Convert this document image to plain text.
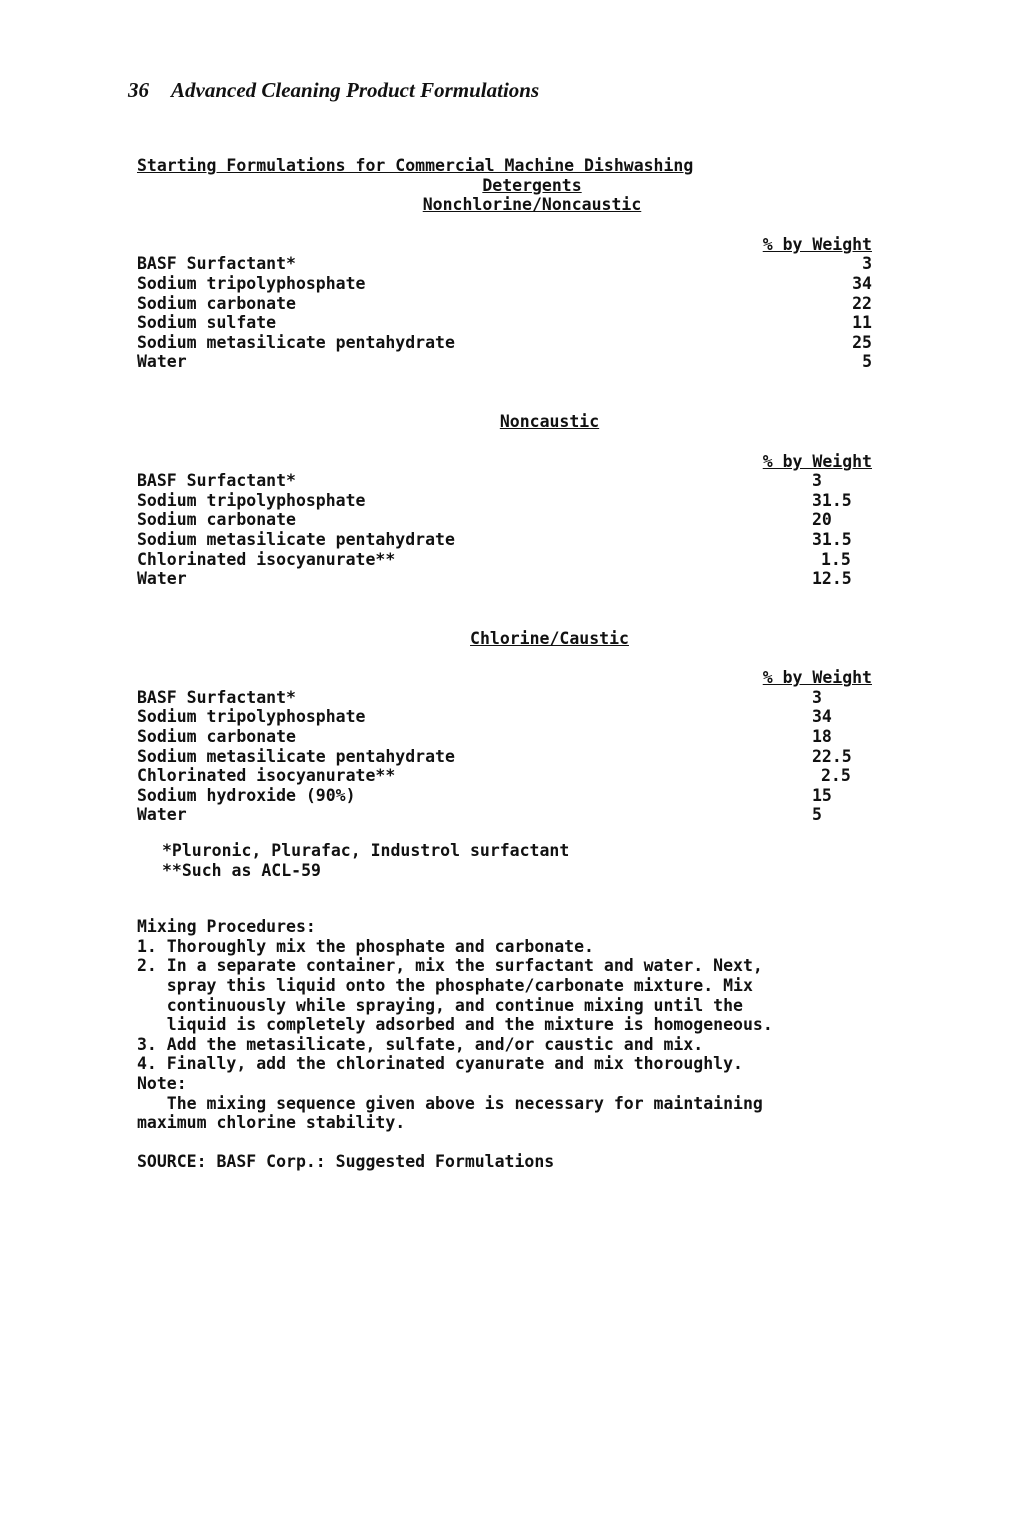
36 Advanced Cleaning Product Formulations
Starting Formulations for Commercial Machine Dishwashing
Detergents
Nonchlorine/Noncaustic
% by Weight
BASF Surfactant*	3
Sodium tripolyphosphate	34
Sodium carbonate	22
Sodium sulfate	11
Sodium metasilicate pentahydrate	25
Water	5
Noncaustic
% by Weight
BASF Surfactant*	3
Sodium tripolyphosphate	31.5
Sodium carbonate	20
Sodium metasilicate pentahydrate	31.5
Chlorinated isocyanurate**	1.5
Water	12.5
Chlorine/Caustic
% by Weight
BASF Surfactant*	3
Sodium tripolyphosphate	34
Sodium carbonate	18
Sodium metasilicate pentahydrate	22.5
Chlorinated isocyanurate**	2.5
Sodium hydroxide (90%)	15
Water	5
*Pluronic, Plurafac, Industrol surfactant
**Such as ACL-59
Mixing Procedures:
1. Thoroughly mix the phosphate and carbonate.
2. In a separate container, mix the surfactant and water. Next,
spray this liquid onto the phosphate/carbonate mixture. Mix
continuously while spraying, and continue mixing until the
liquid is completely adsorbed and the mixture is homogeneous.
3. Add the metasilicate, sulfate, and/or caustic and mix.
4. Finally, add the chlorinated cyanurate and mix thoroughly.
Note:
The mixing sequence given above is necessary for maintaining
maximum chlorine stability.
SOURCE: BASF Corp.: Suggested Formulations
